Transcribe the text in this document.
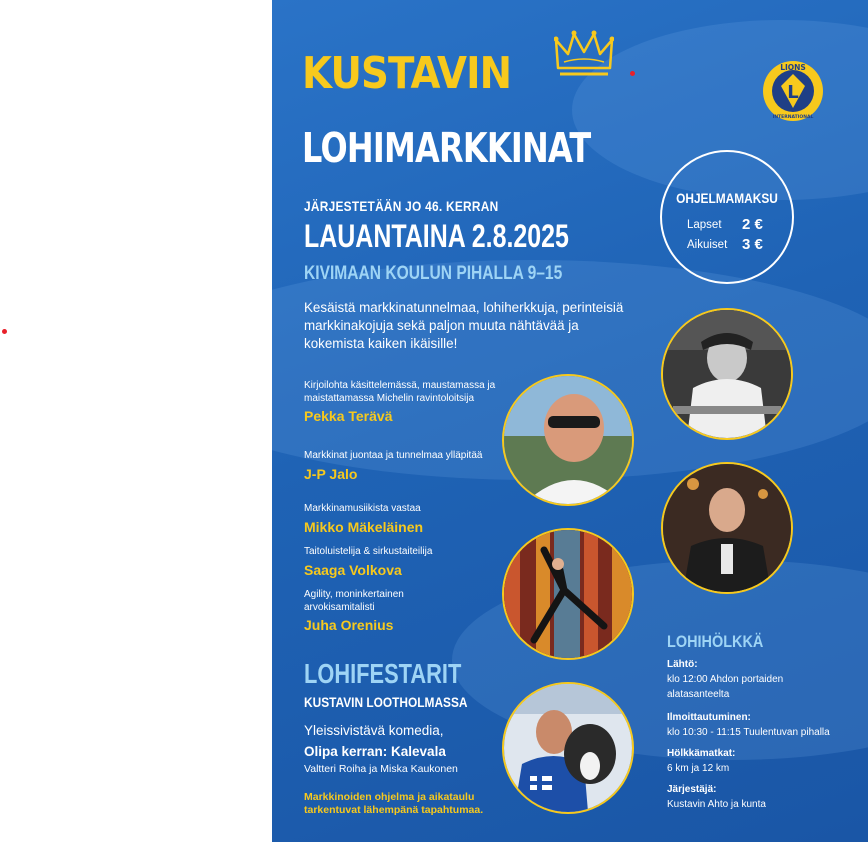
KUSTAVIN
LOHIMARKKINAT
L
LIONS
INTERNATIONAL
JÄRJESTETÄÄN JO 46. KERRAN
LAUANTAINA 2.8.2025
KIVIMAAN KOULUN PIHALLA 9–15
Kesäistä markkinatunnelmaa, lohiherkkuja, perinteisiä markkinakojuja sekä paljon muuta nähtävää ja kokemista kaiken ikäisille!
OHJELMAMAKSU
Lapset 2 €
Aikuiset 3 €
Kirjoilohta käsittelemässä, maustamassa ja maistattamassa Michelin ravintoloitsija
Pekka Terävä
Markkinat juontaa ja tunnelmaa ylläpitää
J-P Jalo
Markkinamusiikista vastaa
Mikko Mäkeläinen
Taitoluistelija & sirkustaiteilija
Saaga Volkova
Agility, moninkertainen arvokisamitalisti
Juha Orenius
LOHIFESTARIT
KUSTAVIN LOOTHOLMASSA
Yleissivistävä komedia,
Olipa kerran: Kalevala
Valtteri Roiha ja Miska Kaukonen
Markkinoiden ohjelma ja aikataulu tarkentuvat lähempänä tapahtumaa.
LOHIHÖLKKÄ
Lähtö:
klo 12:00 Ahdon portaiden alatasanteelta
Ilmoittautuminen:
klo 10:30 - 11:15 Tuulentuvan pihalla
Hölkkämatkat:
6 km ja 12 km
Järjestäjä:
Kustavin Ahto ja kunta
